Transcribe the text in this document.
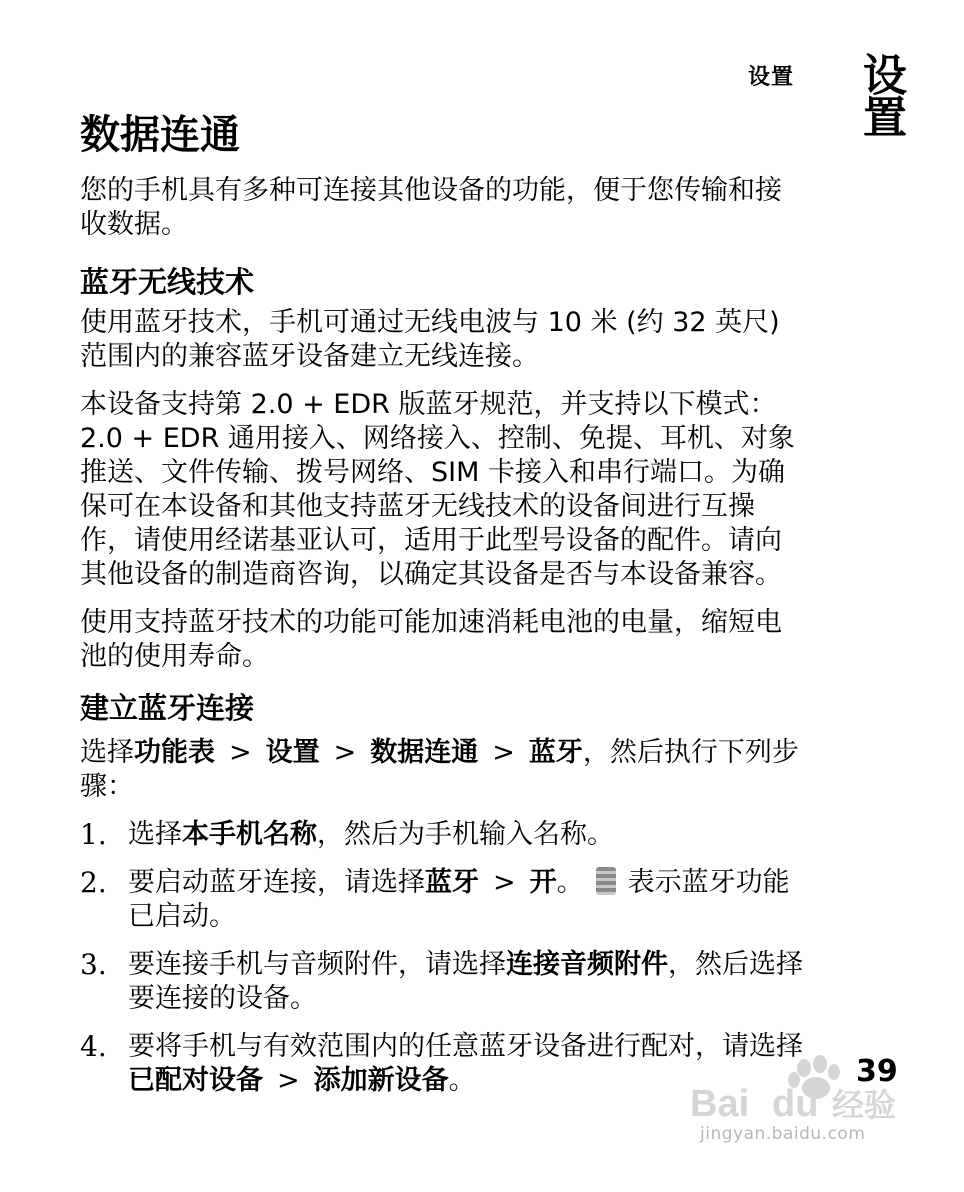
设置 设置
数据连通

您的手机具有多种可连接其他设备的功能，便于您传输和接收数据。

蓝牙无线技术

使用蓝牙技术，手机可通过无线电波与 10 米 (约 32 英尺) 范围内的兼容蓝牙设备建立无线连接。

本设备支持第 2.0 + EDR 版蓝牙规范，并支持以下模式：2.0 + EDR 通用接入、网络接入、控制、免提、耳机、对象推送、文件传输、拨号网络、SIM 卡接入和串行端口。为确保可在本设备和其他支持蓝牙无线技术的设备间进行互操作，请使用经诺基亚认可，适用于此型号设备的配件。请向其他设备的制造商咨询，以确定其设备是否与本设备兼容。

使用支持蓝牙技术的功能可能加速消耗电池的电量，缩短电池的使用寿命。

建立蓝牙连接

选择功能表 > 设置 > 数据连通 > 蓝牙，然后执行下列步骤：

1. 选择本手机名称，然后为手机输入名称。
2. 要启动蓝牙连接，请选择蓝牙 > 开。 表示蓝牙功能已启动。
3. 要连接手机与音频附件，请选择连接音频附件，然后选择要连接的设备。
4. 要将手机与有效范围内的任意蓝牙设备进行配对，请选择已配对设备 > 添加新设备。	39
Bai du 经验
jingyan.baidu.com
